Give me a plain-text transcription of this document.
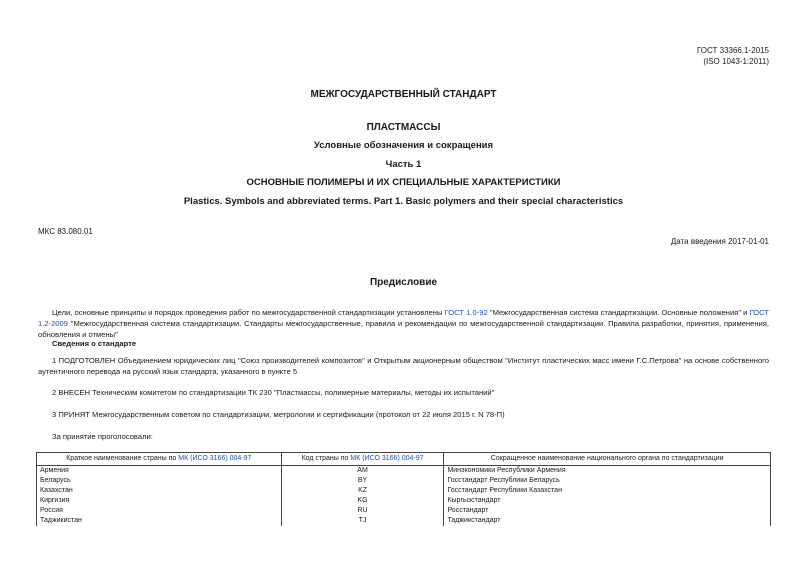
ГОСТ 33366.1-2015
(ISO 1043-1:2011)
МЕЖГОСУДАРСТВЕННЫЙ СТАНДАРТ
ПЛАСТМАССЫ
Условные обозначения и сокращения
Часть 1
ОСНОВНЫЕ ПОЛИМЕРЫ И ИХ СПЕЦИАЛЬНЫЕ ХАРАКТЕРИСТИКИ
Plastics. Symbols and abbreviated terms. Part 1. Basic polymers and their special characteristics
МКС 83.080.01
Дата введения 2017-01-01
Предисловие
Цели, основные принципы и порядок проведения работ по межгосударственной стандартизации установлены ГОСТ 1.0-92 "Межгосударственная система стандартизации. Основные положения" и ГОСТ 1.2-2009 "Межгосударственная система стандартизации. Стандарты межгосударственные, правила и рекомендации по межгосударственной стандартизации. Правила разработки, принятия, применения, обновления и отмены"
Сведения о стандарте
1 ПОДГОТОВЛЕН Объединением юридических лиц "Союз производителей композитов" и Открытым акционерным обществом "Институт пластических масс имени Г.С.Петрова" на основе собственного аутентичного перевода на русский язык стандарта, указанного в пункте 5
2 ВНЕСЕН Техническим комитетом по стандартизации ТК 230 "Пластмассы, полимерные материалы, методы их испытаний"
3 ПРИНЯТ Межгосударственным советом по стандартизации, метрологии и сертификации (протокол от 22 июля 2015 г. N 78-П)
За принятие проголосовали:
Краткое наименование страны по МК (ИСО 3166) 004-97	Код страны по МК (ИСО 3166) 004-97	Сокращенное наименование национального органа по стандартизации
Армения	AM	Минэкономики Республики Армения
Беларусь	BY	Госстандарт Республики Беларусь
Казахстан	KZ	Госстандарт Республики Казахстан
Киргизия	KG	Кыргызстандарт
Россия	RU	Росстандарт
Таджикистан	TJ	Таджикстандарт
